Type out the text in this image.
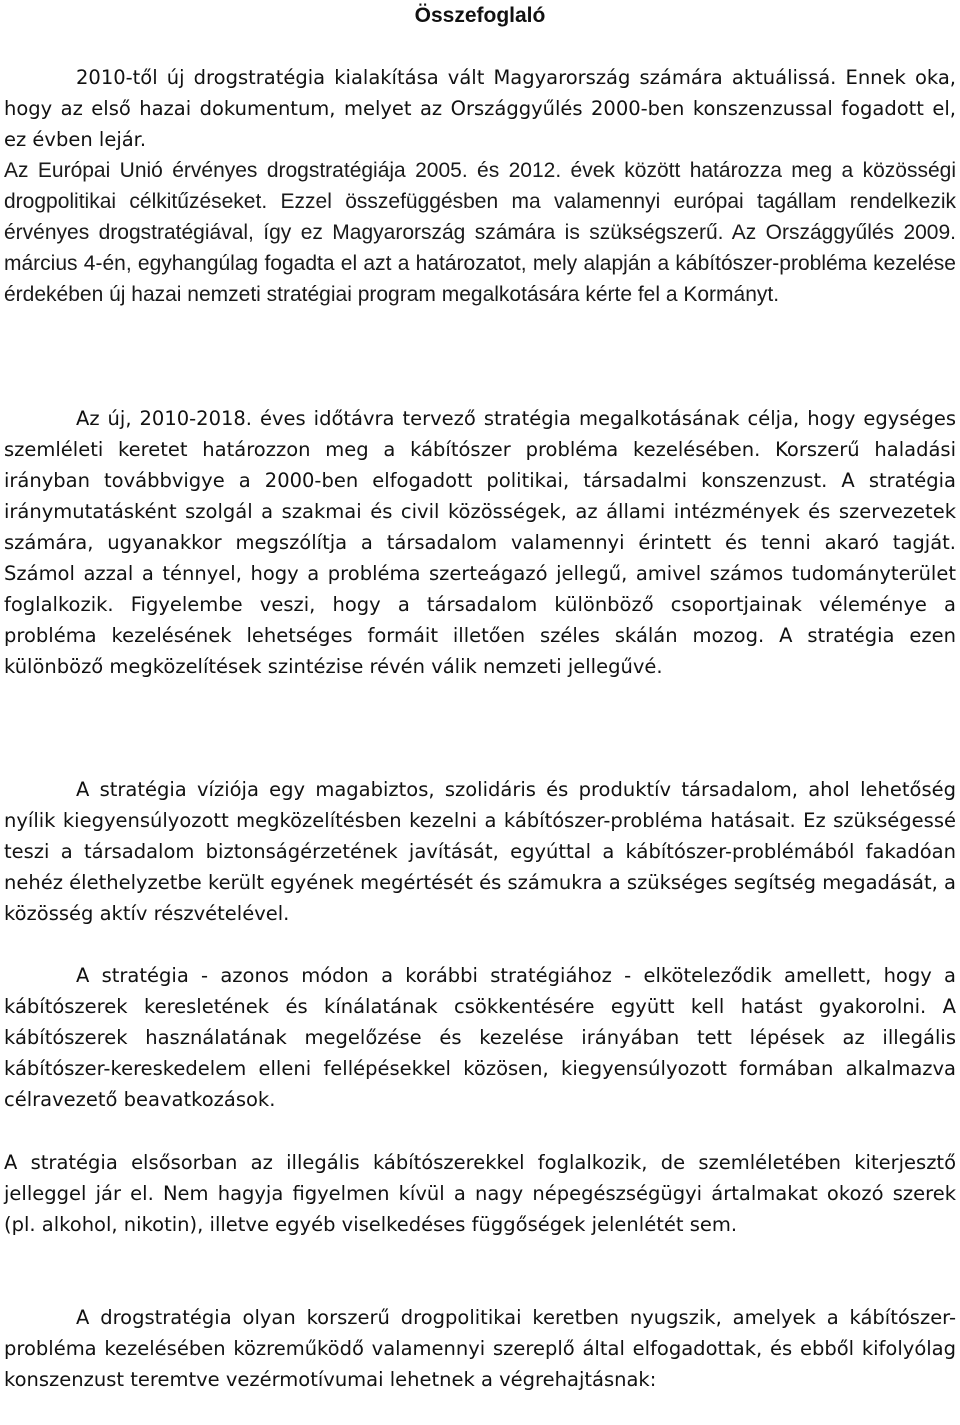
Összefoglaló

2010-től új drogstratégia kialakítása vált Magyarország számára aktuálissá. Ennek oka, hogy az első hazai dokumentum, melyet az Országgyűlés 2000-ben konszenzussal fogadott el, ez évben lejár.

Az Európai Unió érvényes drogstratégiája 2005. és 2012. évek között határozza meg a közösségi drogpolitikai célkitűzéseket. Ezzel összefüggésben ma valamennyi európai tagállam rendelkezik érvényes drogstratégiával, így ez Magyarország számára is szükségszerű. Az Országgyűlés 2009. március 4-én, egyhangúlag fogadta el azt a határozatot, mely alapján a kábítószer-probléma kezelése érdekében új hazai nemzeti stratégiai program megalkotására kérte fel a Kormányt.

Az új, 2010-2018. éves időtávra tervező stratégia megalkotásának célja, hogy egységes szemléleti keretet határozzon meg a kábítószer probléma kezelésében. Korszerű haladási irányban továbbvigye a 2000-ben elfogadott politikai, társadalmi konszenzust. A stratégia iránymutatásként szolgál a szakmai és civil közösségek, az állami intézmények és szervezetek számára, ugyanakkor megszólítja a társadalom valamennyi érintett és tenni akaró tagját. Számol azzal a ténnyel, hogy a probléma szerteágazó jellegű, amivel számos tudományterület foglalkozik. Figyelembe veszi, hogy a társadalom különböző csoportjainak véleménye a probléma kezelésének lehetséges formáit illetően széles skálán mozog. A stratégia ezen különböző megközelítések szintézise révén válik nemzeti jellegűvé.

A stratégia víziója egy magabiztos, szolidáris és produktív társadalom, ahol lehetőség nyílik kiegyensúlyozott megközelítésben kezelni a kábítószer-probléma hatásait. Ez szükségessé teszi a társadalom biztonságérzetének javítását, egyúttal a kábítószer-problémából fakadóan nehéz élethelyzetbe került egyének megértését és számukra a szükséges segítség megadását, a közösség aktív részvételével.

A stratégia - azonos módon a korábbi stratégiához - elköteleződik amellett, hogy a kábítószerek keresletének és kínálatának csökkentésére együtt kell hatást gyakorolni. A kábítószerek használatának megelőzése és kezelése irányában tett lépések az illegális kábítószer-kereskedelem elleni fellépésekkel közösen, kiegyensúlyozott formában alkalmazva célravezető beavatkozások.

A stratégia elsősorban az illegális kábítószerekkel foglalkozik, de szemléletében kiterjesztő jelleggel jár el. Nem hagyja figyelmen kívül a nagy népegészségügyi ártalmakat okozó szerek (pl. alkohol, nikotin), illetve egyéb viselkedéses függőségek jelenlétét sem.

A drogstratégia olyan korszerű drogpolitikai keretben nyugszik, amelyek a kábítószer-probléma kezelésében közreműködő valamennyi szereplő által elfogadottak, és ebből kifolyólag konszenzust teremtve vezérmotívumai lehetnek a végrehajtásnak:
